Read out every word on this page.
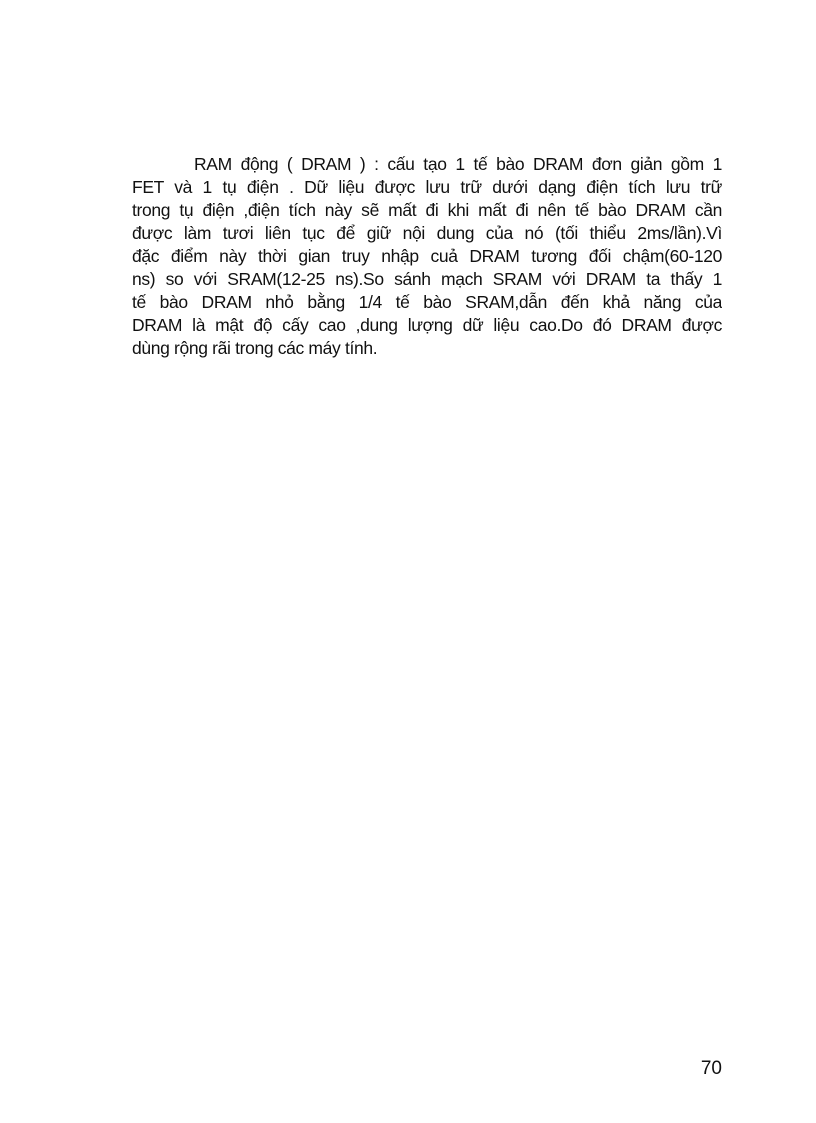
RAM động ( DRAM ) : cấu tạo 1 tế bào DRAM đơn giản gồm 1
FET và 1 tụ điện . Dữ liệu được lưu trữ dưới dạng điện tích lưu trữ
trong tụ điện ,điện tích này sẽ mất đi khi mất đi nên tế bào DRAM cần
được làm tươi liên tục để giữ nội dung của nó (tối thiểu 2ms/lần).Vì
đặc điểm này thời gian truy nhập cuả DRAM tương đối chậm(60-120
ns) so với SRAM(12-25 ns).So sánh mạch SRAM với DRAM ta thấy 1
tế bào DRAM nhỏ bằng 1/4 tế bào SRAM,dẫn đến khả năng của
DRAM là mật độ cấy cao ,dung lượng dữ liệu cao.Do đó DRAM được
dùng rộng rãi trong các máy tính.
70
